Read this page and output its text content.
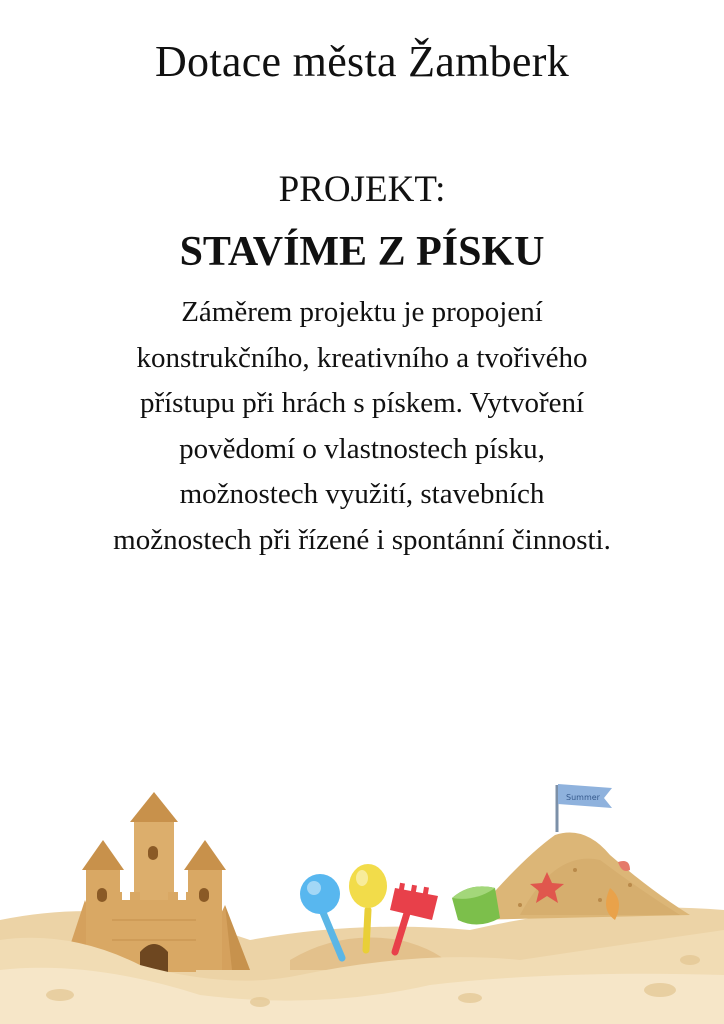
Dotace města Žamberk
PROJEKT:
STAVÍME Z PÍSKU
Záměrem projektu je propojení konstrukčního, kreativního a tvořivého přístupu při hrách s pískem. Vytvoření povědomí o vlastnostech písku, možnostech využití, stavebních možnostech při řízené i spontánní činnosti.
Summer
